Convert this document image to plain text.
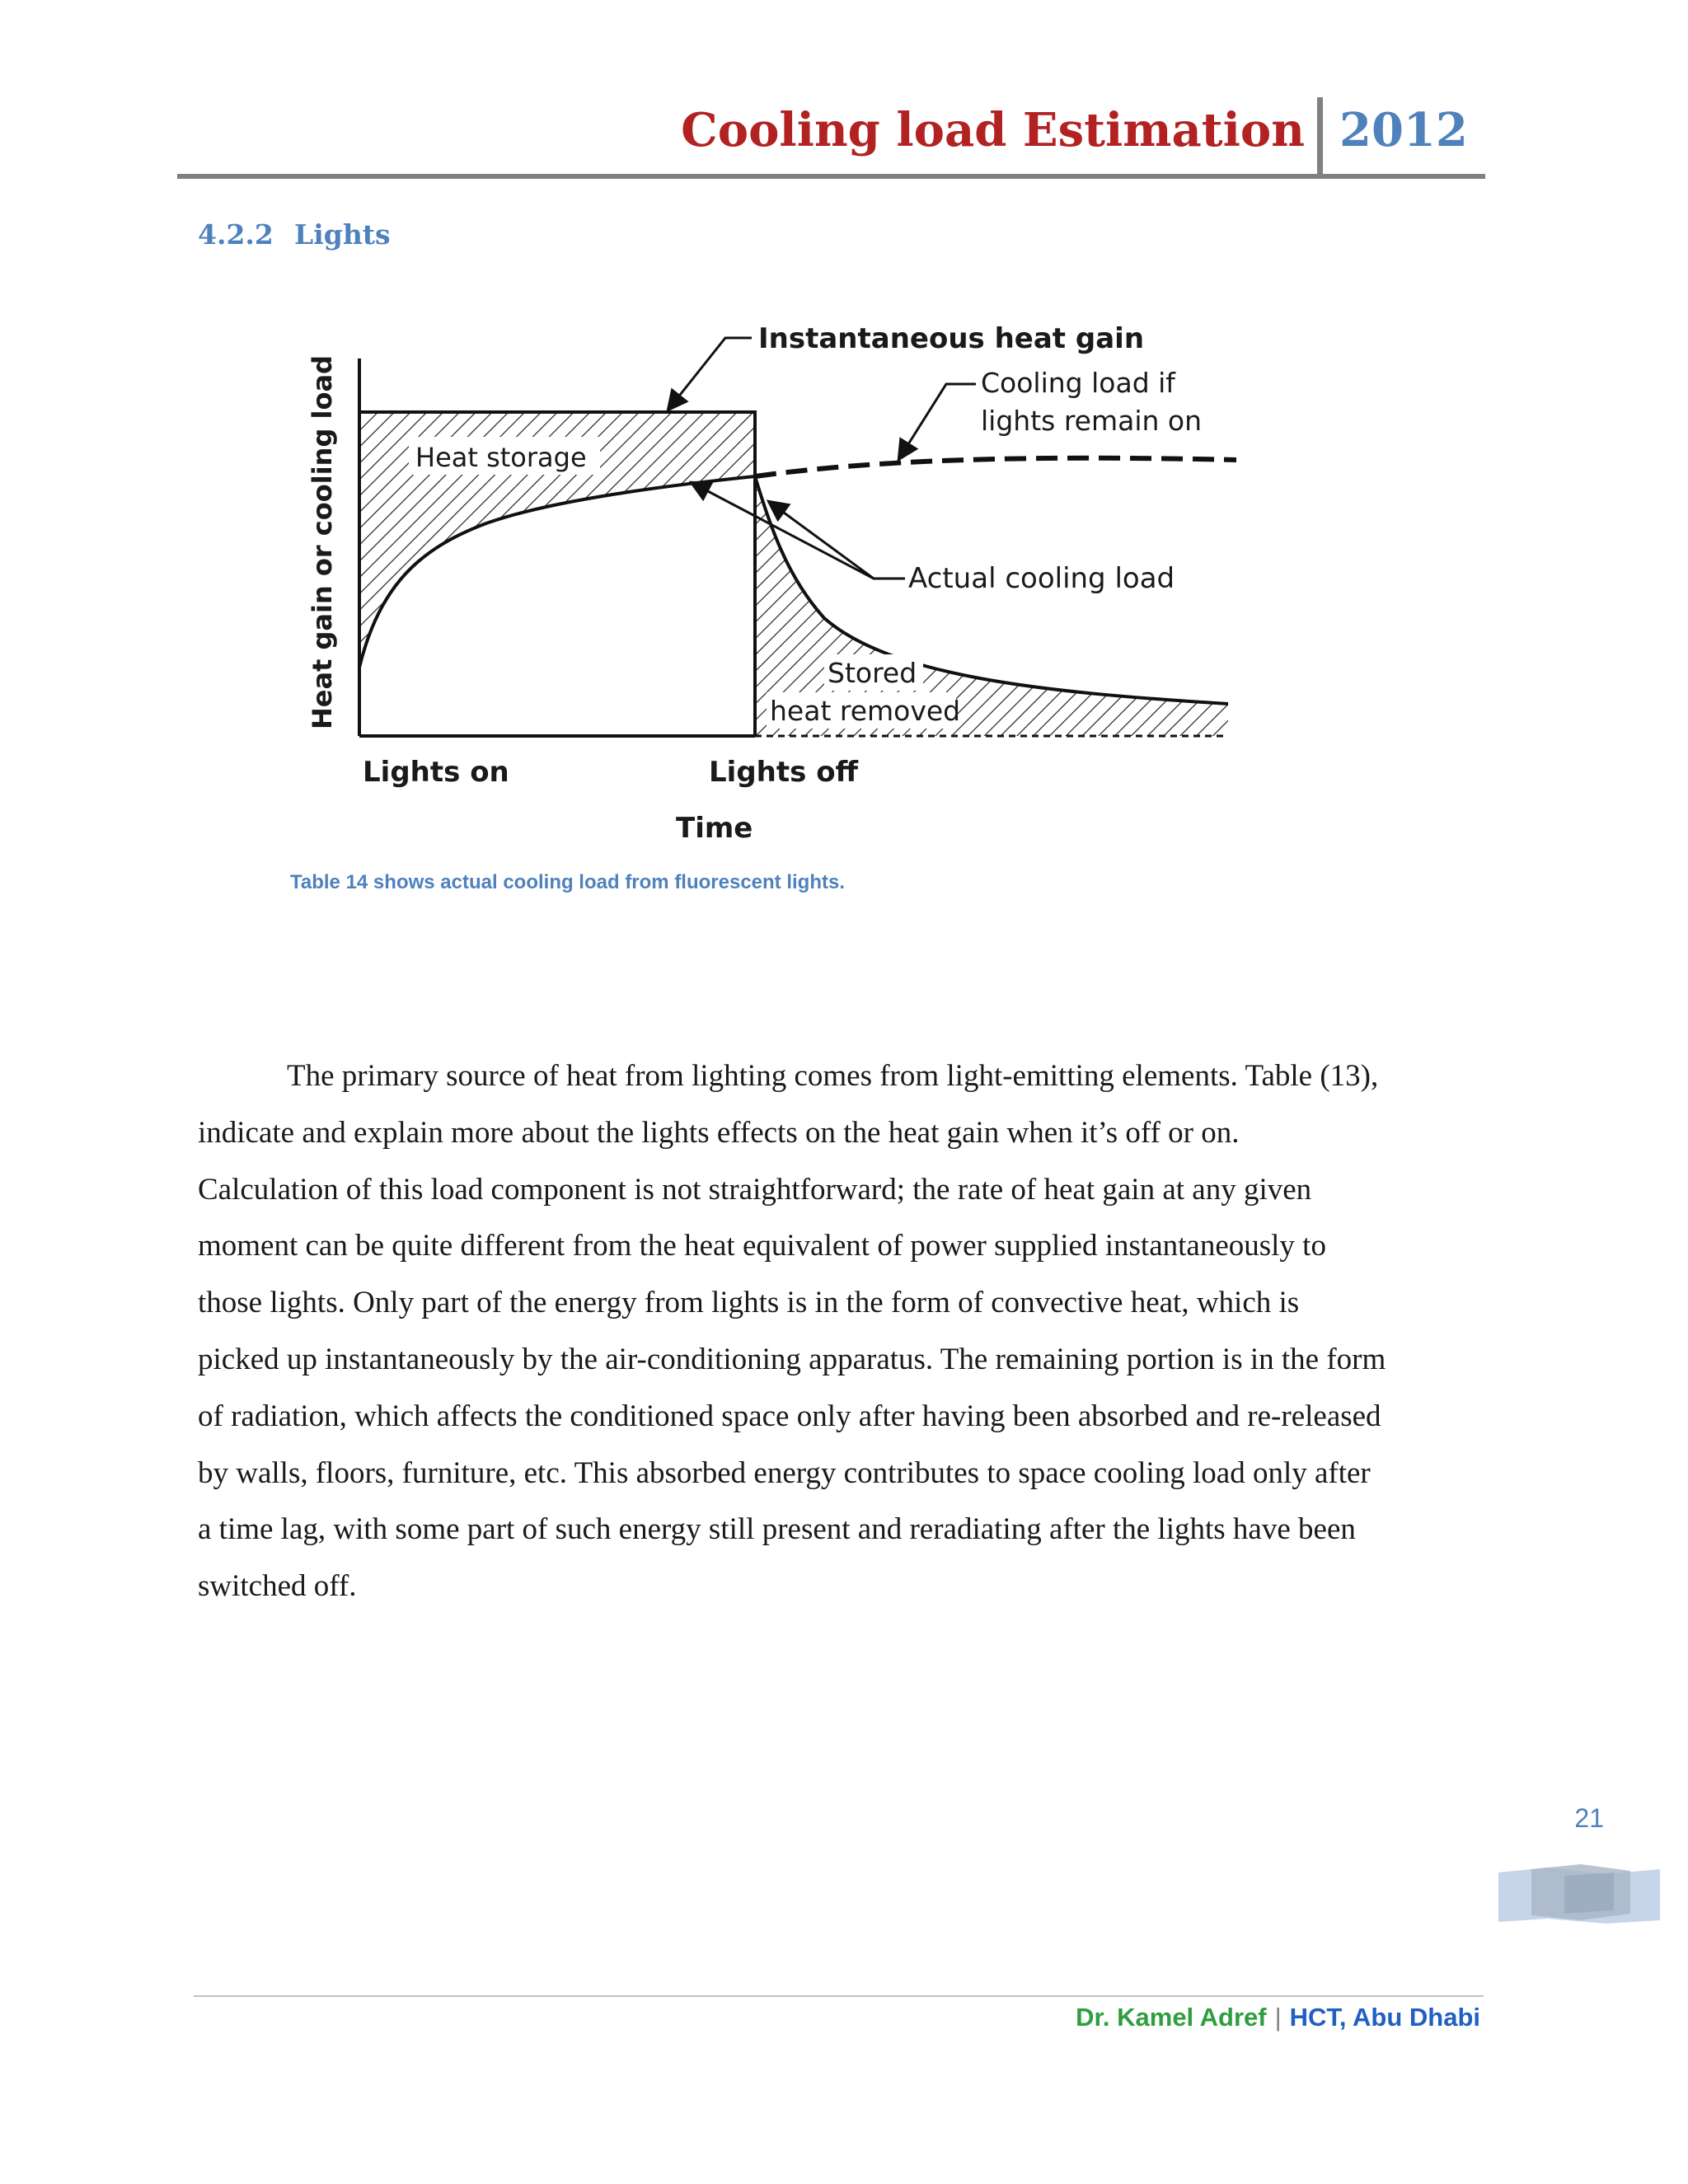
Cooling load Estimation 2012
4.2.2 Lights
Instantaneous heat gain
Cooling load if
lights remain on
Heat storage
Actual cooling load
Stored
heat removed
Heat gain or cooling load
Lights on	Lights off
Time
Table 14 shows actual cooling load from fluorescent lights.

The primary source of heat from lighting comes from light-emitting elements. Table (13),
indicate and explain more about the lights effects on the heat gain when it’s off or on.
Calculation of this load component is not straightforward; the rate of heat gain at any given
moment can be quite different from the heat equivalent of power supplied instantaneously to
those lights. Only part of the energy from lights is in the form of convective heat, which is
picked up instantaneously by the air-conditioning apparatus. The remaining portion is in the form
of radiation, which affects the conditioned space only after having been absorbed and re-released
by walls, floors, furniture, etc. This absorbed energy contributes to space cooling load only after
a time lag, with some part of such energy still present and reradiating after the lights have been
switched off.

21
Dr. Kamel Adref | HCT, Abu Dhabi
